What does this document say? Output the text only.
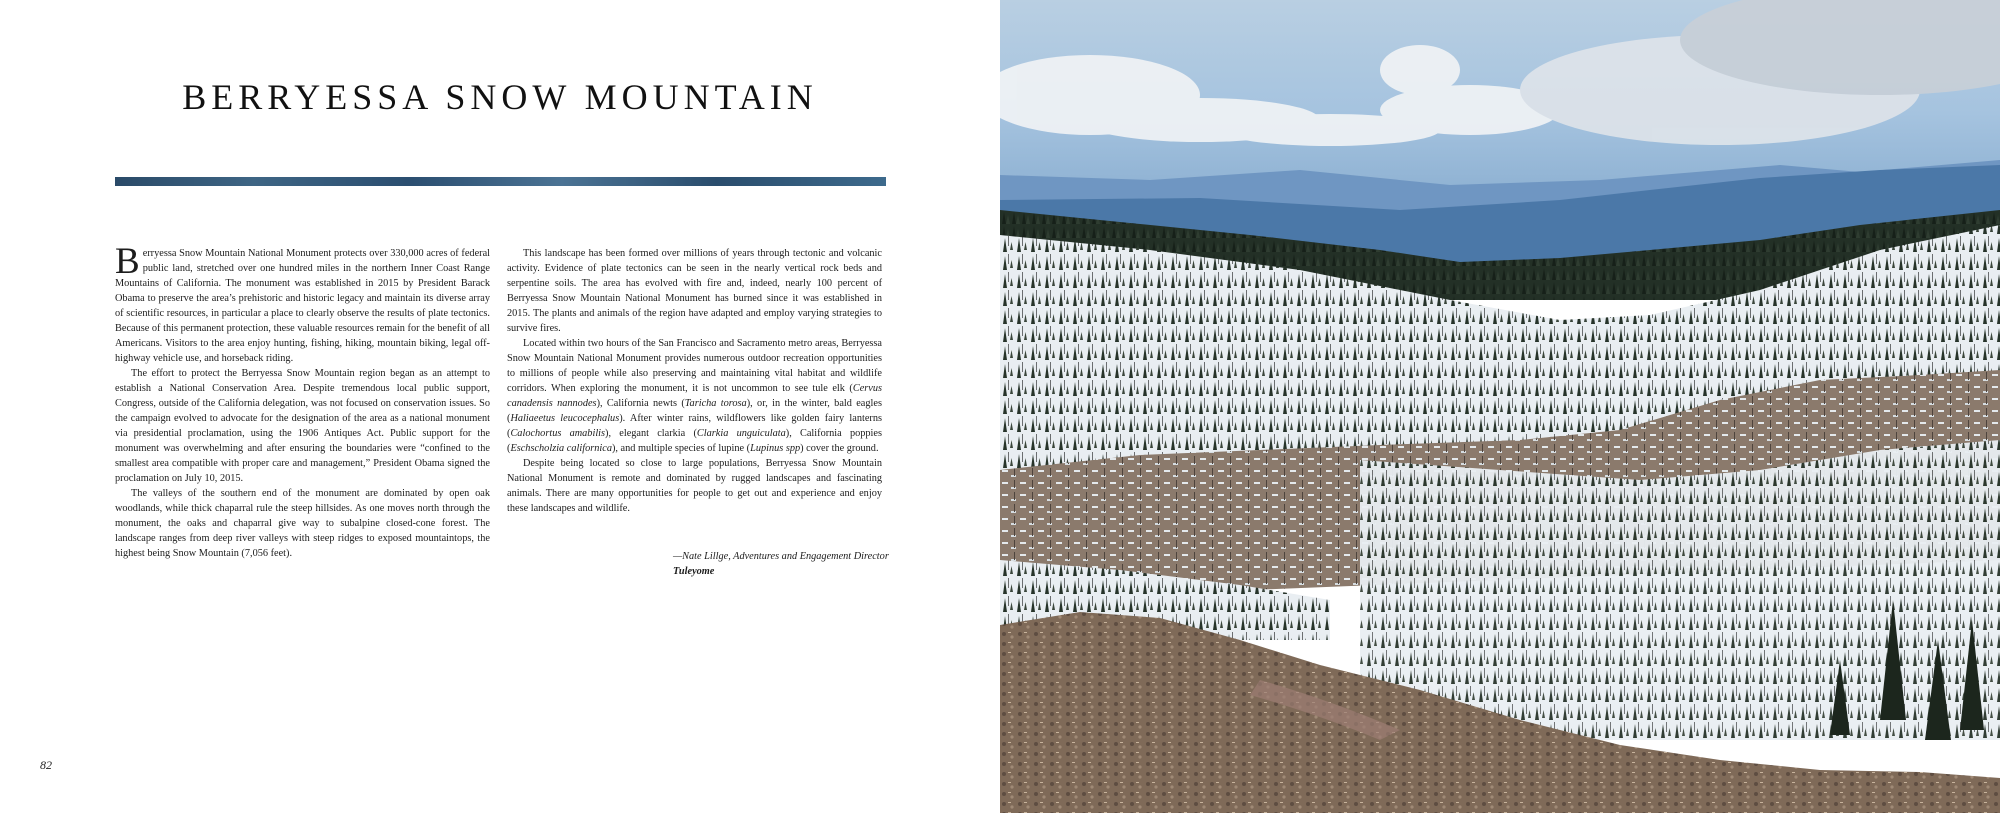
BERRYESSA SNOW MOUNTAIN

Berryessa Snow Mountain National Monument protects over 330,000 acres of federal public land, stretched over one hundred miles in the northern Inner Coast Range Mountains of California. The monument was established in 2015 by President Barack Obama to preserve the area’s prehistoric and historic legacy and maintain its diverse array of scientific resources, in particular a place to clearly observe the results of plate tectonics. Because of this permanent protection, these valuable resources remain for the benefit of all Americans. Visitors to the area enjoy hunting, fishing, hiking, mountain biking, legal off-highway vehicle use, and horseback riding.

The effort to protect the Berryessa Snow Mountain region began as an attempt to establish a National Conservation Area. Despite tremendous local public support, Congress, outside of the California delegation, was not focused on conservation issues. So the campaign evolved to advocate for the designation of the area as a national monument via presidential proclamation, using the 1906 Antiques Act. Public support for the monument was overwhelming and after ensuring the boundaries were “confined to the smallest area compatible with proper care and management,” President Obama signed the proclamation on July 10, 2015.

The valleys of the southern end of the monument are dominated by open oak woodlands, while thick chaparral rule the steep hillsides. As one moves north through the monument, the oaks and chaparral give way to subalpine closed-cone forest. The landscape ranges from deep river valleys with steep ridges to exposed mountaintops, the highest being Snow Mountain (7,056 feet).

This landscape has been formed over millions of years through tectonic and volcanic activity. Evidence of plate tectonics can be seen in the nearly vertical rock beds and serpentine soils. The area has evolved with fire and, indeed, nearly 100 percent of Berryessa Snow Mountain National Monument has burned since it was established in 2015. The plants and animals of the region have adapted and employ varying strategies to survive fires.

Located within two hours of the San Francisco and Sacramento metro areas, Berryessa Snow Mountain National Monument provides numerous outdoor recreation opportunities to millions of people while also preserving and maintaining vital habitat and wildlife corridors. When exploring the monument, it is not uncommon to see tule elk (Cervus canadensis nannodes), California newts (Taricha torosa), or, in the winter, bald eagles (Haliaeetus leucocephalus). After winter rains, wildflowers like golden fairy lanterns (Calochortus amabilis), elegant clarkia (Clarkia unguiculata), California poppies (Eschscholzia californica), and multiple species of lupine (Lupinus spp) cover the ground.

Despite being located so close to large populations, Berryessa Snow Mountain National Monument is remote and dominated by rugged landscapes and fascinating animals. There are many opportunities for people to get out and experience and enjoy these landscapes and wildlife.

—Nate Lillge, Adventures and Engagement Director
Tuleyome
82
